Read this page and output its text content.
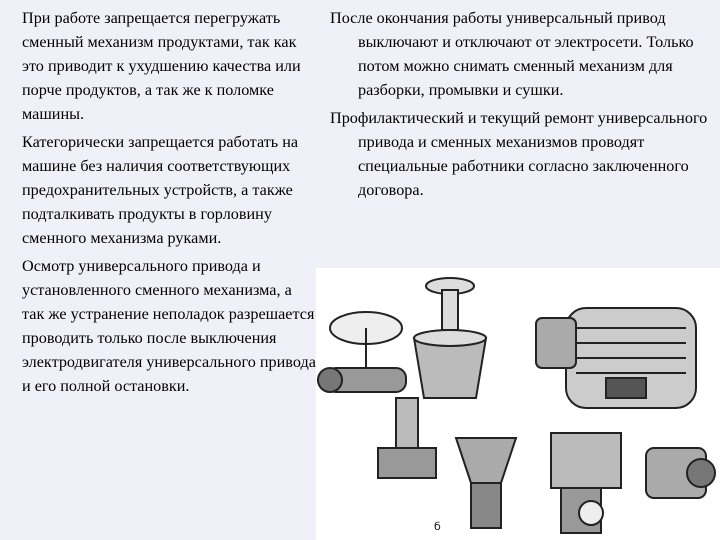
При работе запрещается перегружать сменный механизм продуктами, так как это приводит к ухудшению качества или порче продуктов, а так же к поломке машины.

Категорически запрещается работать на машине без наличия соответствующих предохранительных устройств, а также подталкивать продукты в горловину сменного механизма руками.

Осмотр универсального привода и установленного сменного механизма, а так же устранение неполадок разрешается проводить только после выключения электродвигателя универсального привода и его полной остановки.

После окончания работы универсальный привод выключают и отключают от электросети. Только потом можно снимать сменный механизм для разборки, промывки и сушки.

Профилактический и текущий ремонт универсального привода и сменных механизмов проводят специальные работники согласно заключенного договора.

б
